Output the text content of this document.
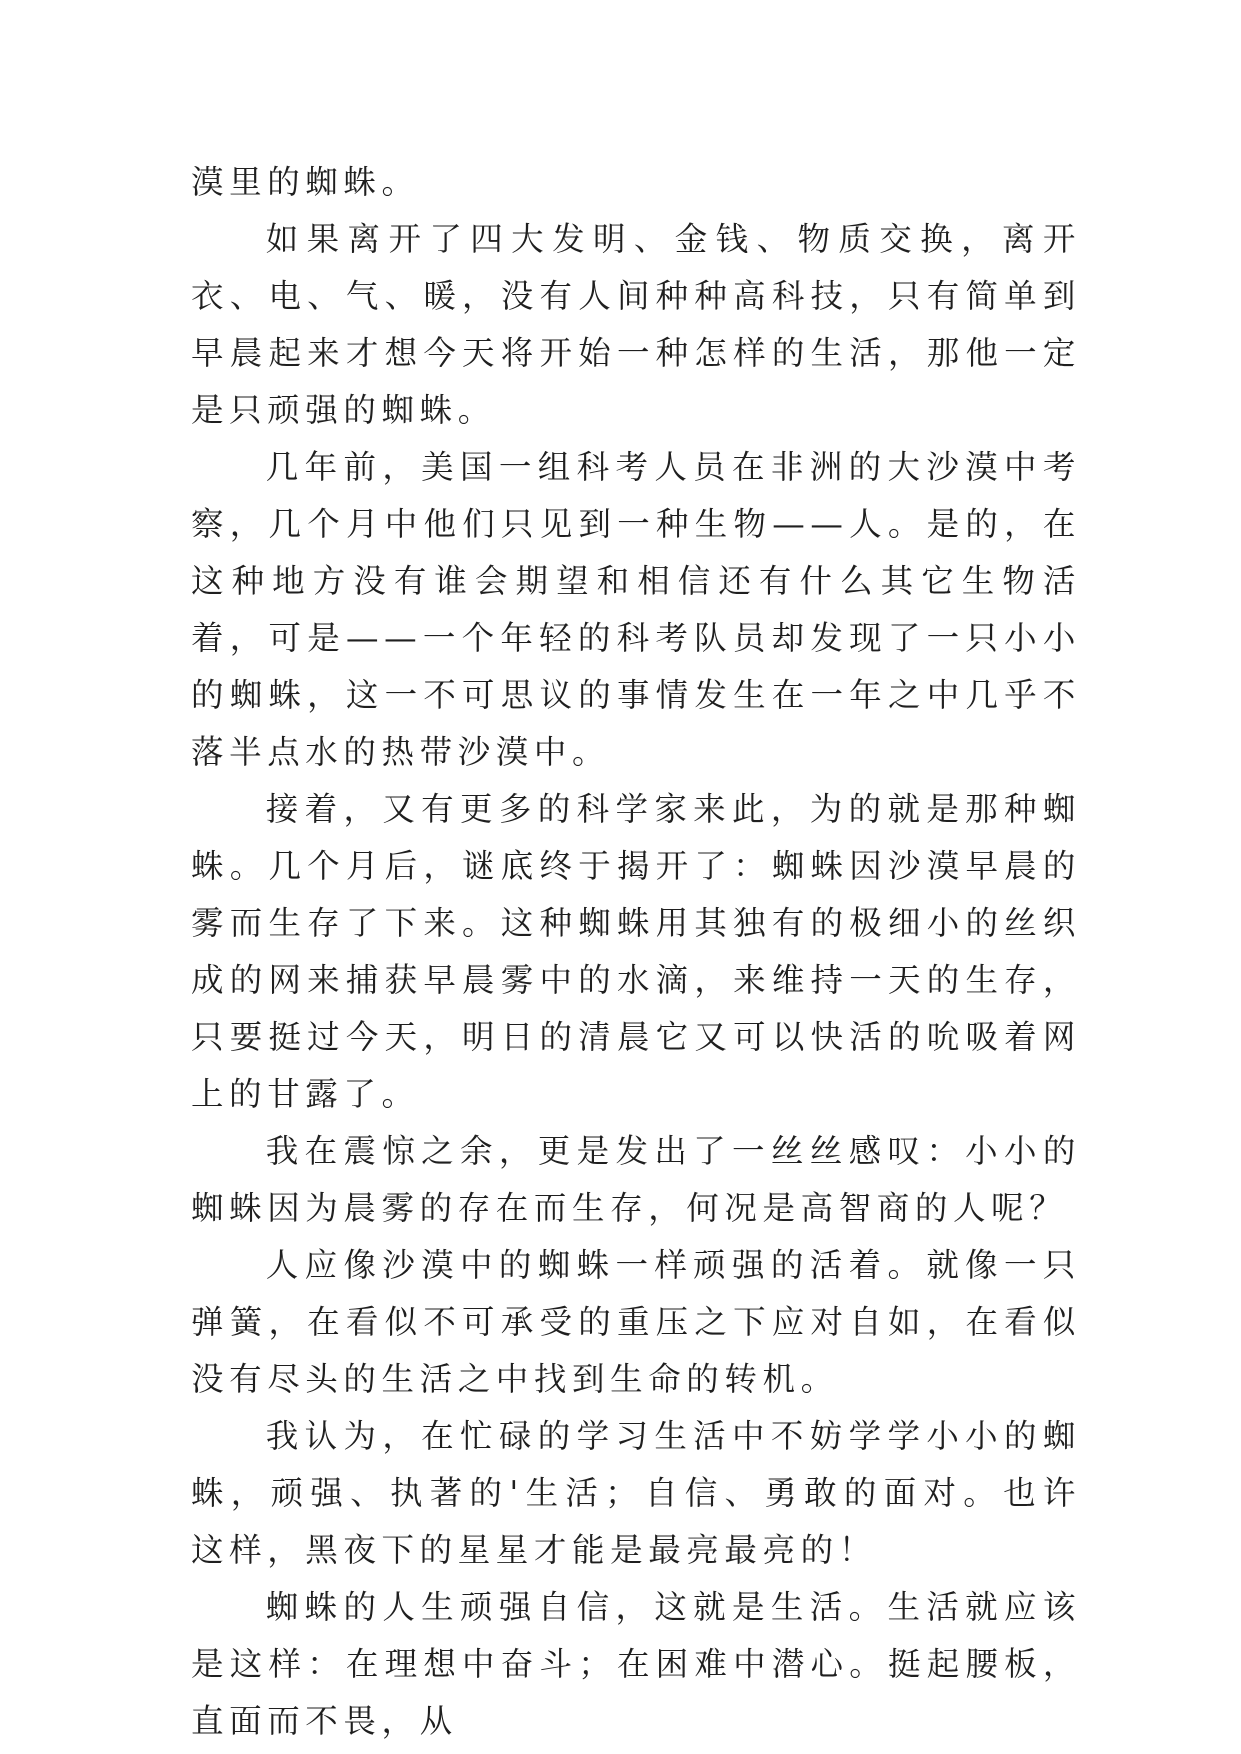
漠里的蜘蛛。

如果离开了四大发明、金钱、物质交换，离开衣、电、气、暖，没有人间种种高科技，只有简单到早晨起来才想今天将开始一种怎样的生活，那他一定是只顽强的蜘蛛。

几年前，美国一组科考人员在非洲的大沙漠中考察，几个月中他们只见到一种生物——人。是的，在这种地方没有谁会期望和相信还有什么其它生物活着，可是——一个年轻的科考队员却发现了一只小小的蜘蛛，这一不可思议的事情发生在一年之中几乎不落半点水的热带沙漠中。

接着，又有更多的科学家来此，为的就是那种蜘蛛。几个月后，谜底终于揭开了：蜘蛛因沙漠早晨的雾而生存了下来。这种蜘蛛用其独有的极细小的丝织成的网来捕获早晨雾中的水滴，来维持一天的生存，只要挺过今天，明日的清晨它又可以快活的吮吸着网上的甘露了。

我在震惊之余，更是发出了一丝丝感叹：小小的蜘蛛因为晨雾的存在而生存，何况是高智商的人呢？

人应像沙漠中的蜘蛛一样顽强的活着。就像一只弹簧，在看似不可承受的重压之下应对自如，在看似没有尽头的生活之中找到生命的转机。

我认为，在忙碌的学习生活中不妨学学小小的蜘蛛，顽强、执著的'生活；自信、勇敢的面对。也许这样，黑夜下的星星才能是最亮最亮的！

蜘蛛的人生顽强自信，这就是生活。生活就应该是这样：在理想中奋斗；在困难中潜心。挺起腰板，直面而不畏，从
